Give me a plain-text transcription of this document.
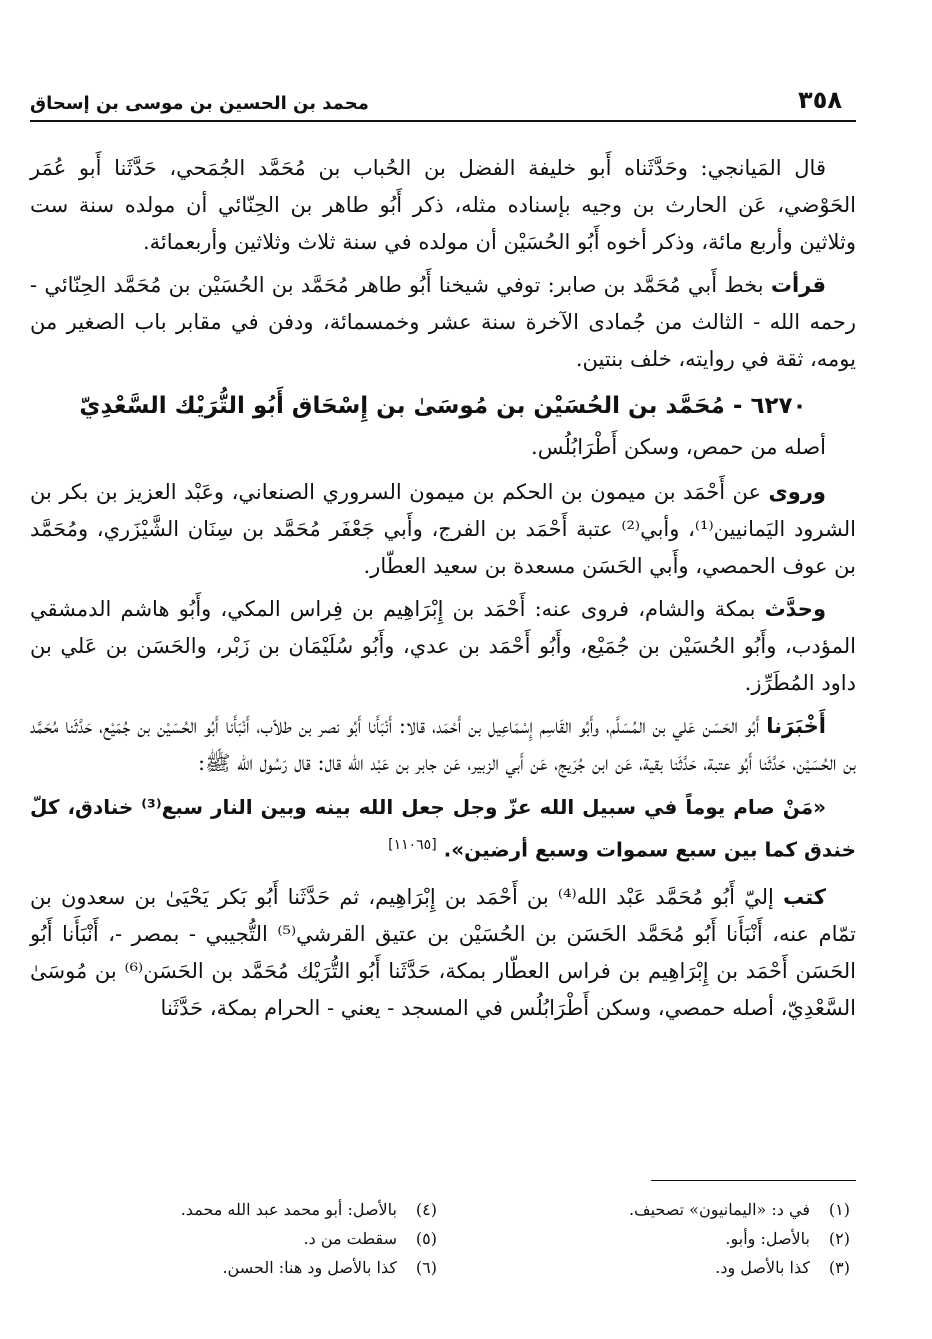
٣٥٨
محمد بن الحسين بن موسى بن إسحاق

قال المَيانجي: وحَدَّثَناه أَبو خليفة الفضل بن الحُباب بن مُحَمَّد الجُمَحي، حَدَّثَنا أَبو عُمَر الحَوْضي، عَن الحارث بن وجيه بإسناده مثله، ذكر أَبُو طاهر بن الحِنّائي أن مولده سنة ست وثلاثين وأربع مائة، وذكر أخوه أَبُو الحُسَيْن أن مولده في سنة ثلاث وثلاثين وأربعمائة.

قرأت بخط أَبي مُحَمَّد بن صابر: توفي شيخنا أَبُو طاهر مُحَمَّد بن الحُسَيْن بن مُحَمَّد الحِنّائي - رحمه الله - الثالث من جُمادى الآخرة سنة عشر وخمسمائة، ودفن في مقابر باب الصغير من يومه، ثقة في روايته، خلف بنتين.

٦٢٧٠ - مُحَمَّد بن الحُسَيْن بن مُوسَىٰ بن إِسْحَاق أَبُو التُّرَيْك السَّعْدِيّ

أصله من حمص، وسكن أَطْرَابُلُس.

وروى عن أَحْمَد بن ميمون بن الحكم بن ميمون السروري الصنعاني، وعَبْد العزيز بن بكر بن الشرود اليَمانيين⁽¹⁾، وأبي⁽²⁾ عتبة أَحْمَد بن الفرج، وأَبي جَعْفَر مُحَمَّد بن سِنَان الشَّيْزَري، ومُحَمَّد بن عوف الحمصي، وأَبي الحَسَن مسعدة بن سعيد العطّار.

وحدَّث بمكة والشام، فروى عنه: أَحْمَد بن إِبْرَاهِيم بن فِراس المكي، وأَبُو هاشم الدمشقي المؤدب، وأَبُو الحُسَيْن بن جُمَيْع، وأَبُو أَحْمَد بن عدي، وأَبُو سُلَيْمَان بن زَبْر، والحَسَن بن عَلي بن داود المُطَرِّز.

أَخْبَرَنا أَبُو الحَسَن عَلي بن المُسَلَّم، وأَبُو القَاسِم إِسْمَاعِيل بن أَحْمَد، قالا: أَنْبَأَنا أَبُو نصر بن طلاّب، أَنْبَأَنا أَبُو الحُسَيْن بن جُمَيْع، حَدَّثَنا مُحَمَّد بن الحُسَيْن، حَدَّثَنا أَبُو عتبة، حَدَّثَنا بقية، عَن ابن جُرَيج، عَن أَبي الزبير، عَن جابر بن عَبْد الله قال: قال رَسُول الله ﷺ:

«مَنْ صام يوماً في سبيل الله عزّ وجل جعل الله بينه وبين النار سبع⁽³⁾ خنادق، كلّ خندق كما بين سبع سموات وسبع أرضين». [١١٠٦٥]

كتب إليّ أَبُو مُحَمَّد عَبْد الله⁽⁴⁾ بن أَحْمَد بن إِبْرَاهِيم، ثم حَدَّثَنا أَبُو بَكر يَحْيَىٰ بن سعدون بن تمّام عنه، أَنْبَأَنا أَبُو مُحَمَّد الحَسَن بن الحُسَيْن بن عتيق القرشي⁽⁵⁾ التُّجيبي - بمصر -، أَنْبَأَنا أَبُو الحَسَن أَحْمَد بن إِبْرَاهِيم بن فراس العطّار بمكة، حَدَّثَنا أَبُو التُّرَيْك مُحَمَّد بن الحَسَن⁽⁶⁾ بن مُوسَىٰ السَّعْدِيّ، أصله حمصي، وسكن أَطْرَابُلُس في المسجد - يعني - الحرام بمكة، حَدَّثَنا

(١)في د: «اليمانيون» تصحيف.
(٢)بالأصل: وأبو.
(٣)كذا بالأصل ود.
(٤)بالأصل: أبو محمد عبد الله محمد.
(٥)سقطت من د.
(٦)كذا بالأصل ود هنا: الحسن.
